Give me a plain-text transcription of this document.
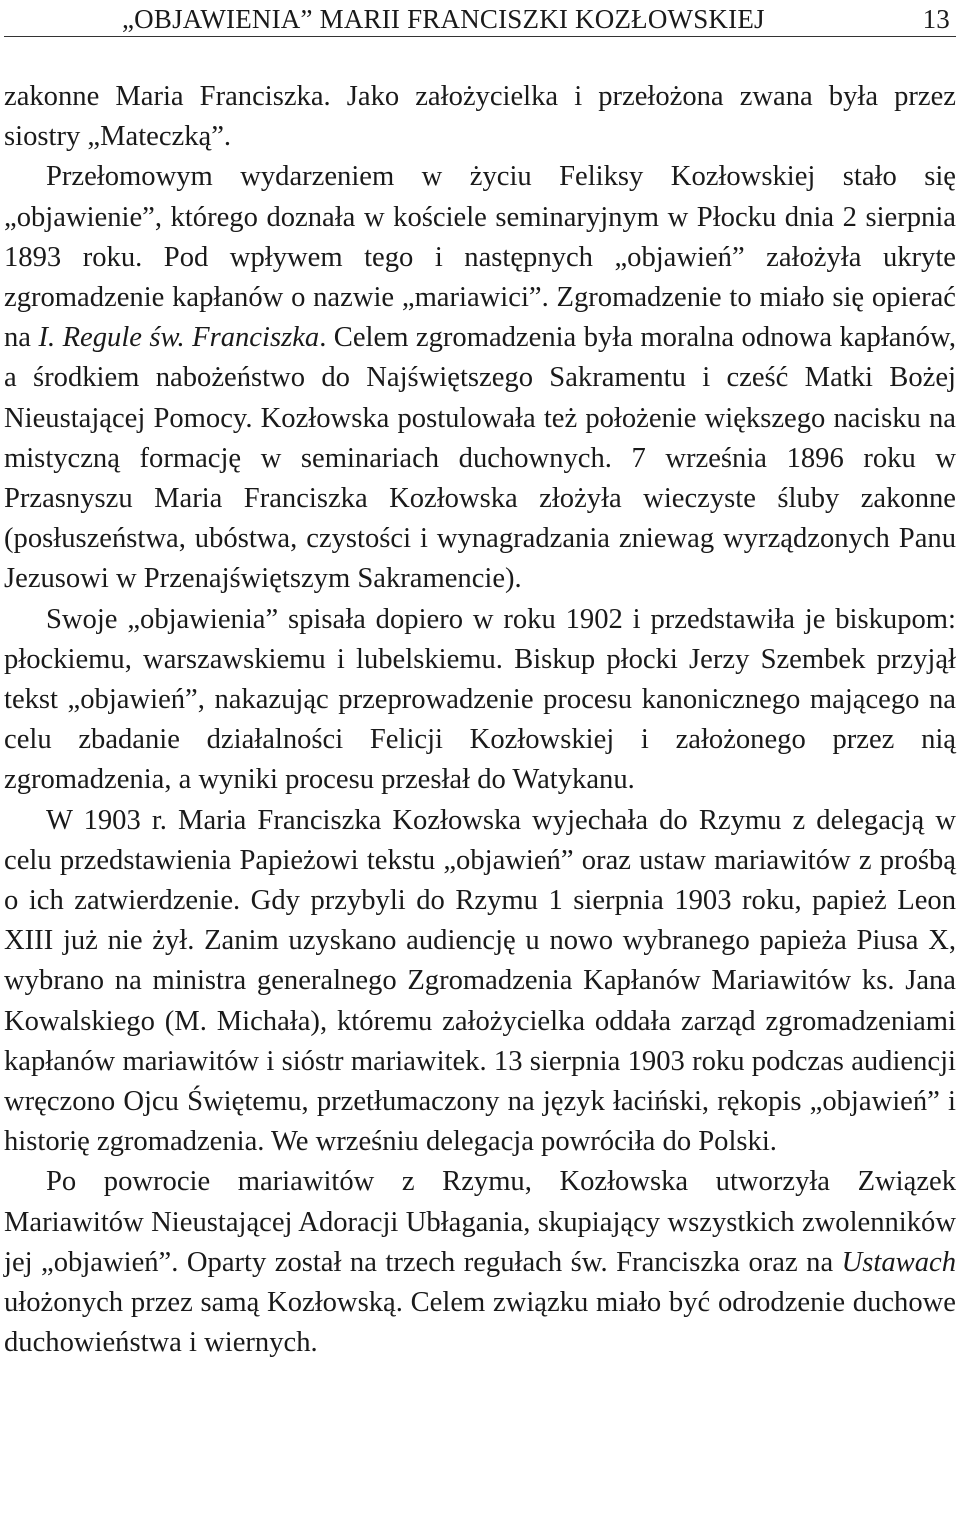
„OBJAWIENIA” MARII FRANCISZKI KOZŁOWSKIEJ	13

zakonne Maria Franciszka. Jako założycielka i przełożona zwana była przez siostry „Mateczką”.

Przełomowym wydarzeniem w życiu Feliksy Kozłowskiej stało się „objawienie”, którego doznała w kościele seminaryjnym w Płocku dnia 2 sierpnia 1893 roku. Pod wpływem tego i następnych „objawień” założyła ukryte zgromadzenie kapłanów o nazwie „mariawici”. Zgromadzenie to miało się opierać na I. Regule św. Franciszka. Celem zgromadzenia była moralna odnowa kapłanów, a środkiem nabożeństwo do Najświętszego Sakramentu i cześć Matki Bożej Nieustającej Pomocy. Kozłowska postulowała też położenie większego nacisku na mistyczną formację w seminariach duchownych. 7 września 1896 roku w Przasnyszu Maria Franciszka Kozłowska złożyła wieczyste śluby zakonne (posłuszeństwa, ubóstwa, czystości i wynagradzania zniewag wyrządzonych Panu Jezusowi w Przenajświętszym Sakramencie).

Swoje „objawienia” spisała dopiero w roku 1902 i przedstawiła je biskupom: płockiemu, warszawskiemu i lubelskiemu. Biskup płocki Jerzy Szembek przyjął tekst „objawień”, nakazując przeprowadzenie procesu kanonicznego mającego na celu zbadanie działalności Felicji Kozłowskiej i założonego przez nią zgromadzenia, a wyniki procesu przesłał do Watykanu.

W 1903 r. Maria Franciszka Kozłowska wyjechała do Rzymu z delegacją w celu przedstawienia Papieżowi tekstu „objawień” oraz ustaw mariawitów z prośbą o ich zatwierdzenie. Gdy przybyli do Rzymu 1 sierpnia 1903 roku, papież Leon XIII już nie żył. Zanim uzyskano audiencję u nowo wybranego papieża Piusa X, wybrano na ministra generalnego Zgromadzenia Kapłanów Mariawitów ks. Jana Kowalskiego (M. Michała), któremu założycielka oddała zarząd zgromadzeniami kapłanów mariawitów i sióstr mariawitek. 13 sierpnia 1903 roku podczas audiencji wręczono Ojcu Świętemu, przetłumaczony na język łaciński, rękopis „objawień” i historię zgromadzenia. We wrześniu delegacja powróciła do Polski.

Po powrocie mariawitów z Rzymu, Kozłowska utworzyła Związek Mariawitów Nieustającej Adoracji Ubłagania, skupiający wszystkich zwolenników jej „objawień”. Oparty został na trzech regułach św. Franciszka oraz na Ustawach ułożonych przez samą Kozłowską. Celem związku miało być odrodzenie duchowe duchowieństwa i wiernych.
